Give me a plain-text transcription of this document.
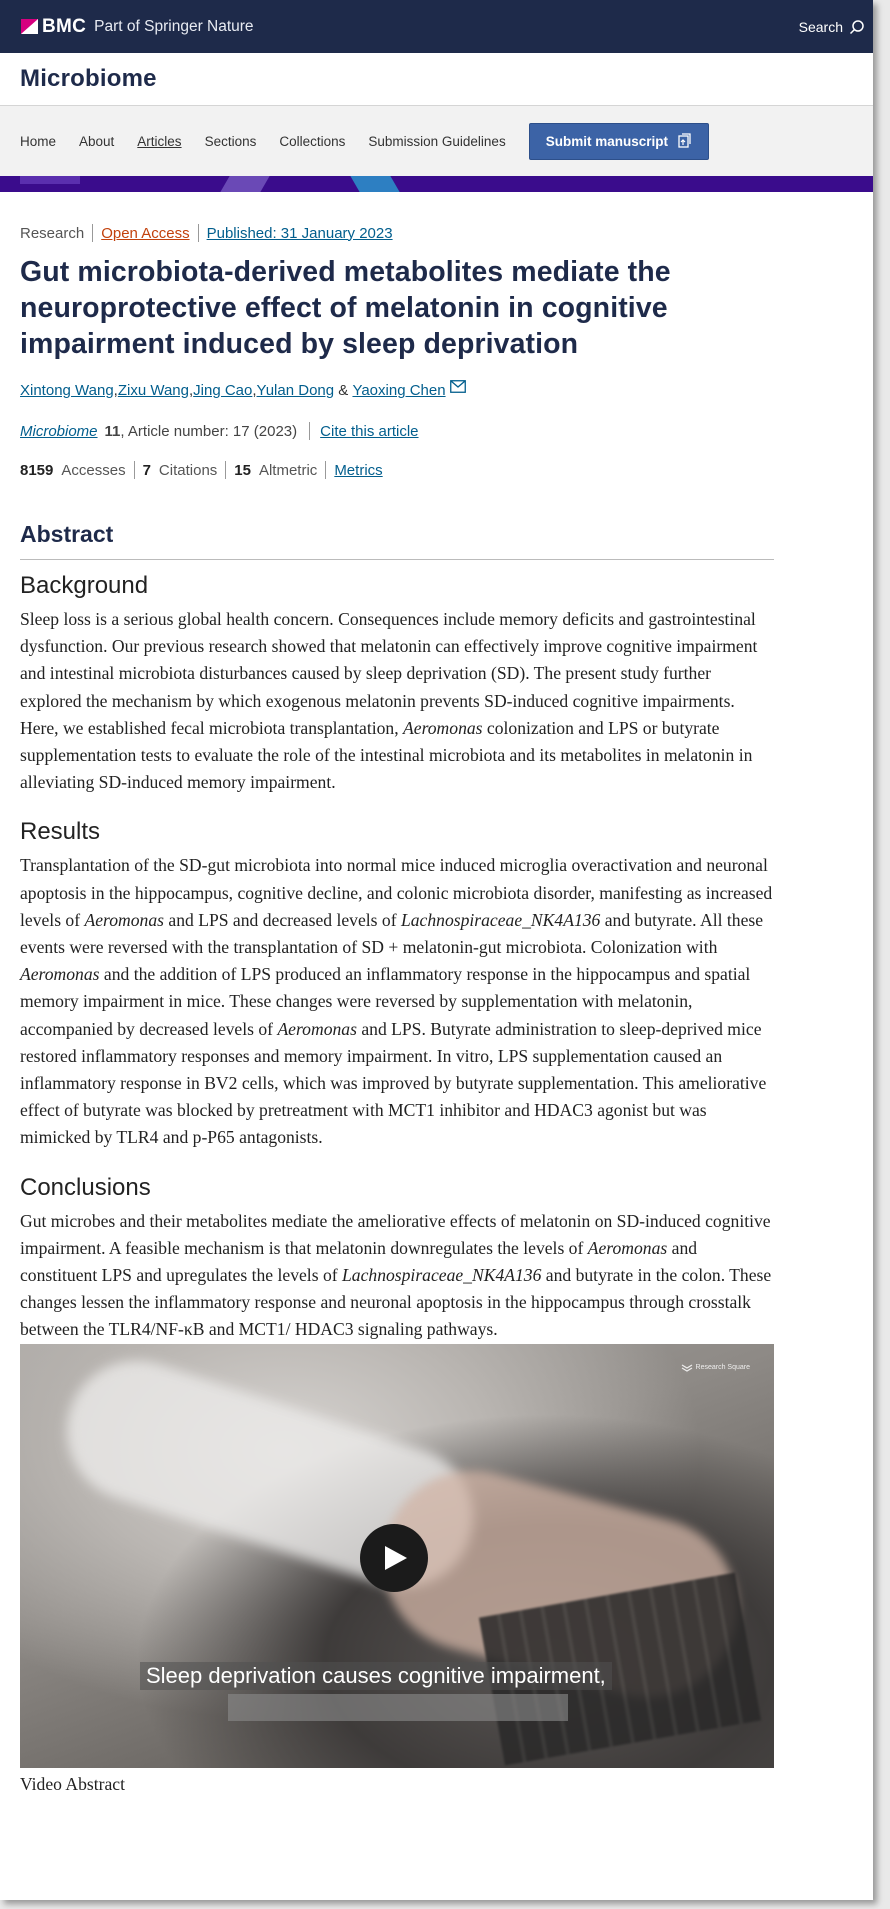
BMC Part of Springer Nature	Search
Microbiome
Home About Articles Sections Collections Submission Guidelines	Submit manuscript
Research Open Access Published: 31 January 2023
Gut microbiota-derived metabolites mediate the neuroprotective effect of melatonin in cognitive impairment induced by sleep deprivation
Xintong Wang , Zixu Wang , Jing Cao , Yulan Dong & Yaoxing Chen
Microbiome 11 , Article number: 17 (2023) Cite this article
8159 Accesses 7 Citations 15 Altmetric Metrics
Abstract
Background

Sleep loss is a serious global health concern. Consequences include memory deficits and gastrointestinal dysfunction. Our previous research showed that melatonin can effectively improve cognitive impairment and intestinal microbiota disturbances caused by sleep deprivation (SD). The present study further explored the mechanism by which exogenous melatonin prevents SD-induced cognitive impairments. Here, we established fecal microbiota transplantation, Aeromonas colonization and LPS or butyrate supplementation tests to evaluate the role of the intestinal microbiota and its metabolites in melatonin in alleviating SD-induced memory impairment.

Results

Transplantation of the SD-gut microbiota into normal mice induced microglia overactivation and neuronal apoptosis in the hippocampus, cognitive decline, and colonic microbiota disorder, manifesting as increased levels of Aeromonas and LPS and decreased levels of Lachnospiraceae_NK4A136 and butyrate. All these events were reversed with the transplantation of SD + melatonin-gut microbiota. Colonization with Aeromonas and the addition of LPS produced an inflammatory response in the hippocampus and spatial memory impairment in mice. These changes were reversed by supplementation with melatonin, accompanied by decreased levels of Aeromonas and LPS. Butyrate administration to sleep-deprived mice restored inflammatory responses and memory impairment. In vitro, LPS supplementation caused an inflammatory response in BV2 cells, which was improved by butyrate supplementation. This ameliorative effect of butyrate was blocked by pretreatment with MCT1 inhibitor and HDAC3 agonist but was mimicked by TLR4 and p-P65 antagonists.

Conclusions

Gut microbes and their metabolites mediate the ameliorative effects of melatonin on SD-induced cognitive impairment. A feasible mechanism is that melatonin downregulates the levels of Aeromonas and constituent LPS and upregulates the levels of Lachnospiraceae_NK4A136 and butyrate in the colon. These changes lessen the inflammatory response and neuronal apoptosis in the hippocampus through crosstalk between the TLR4/NF-κB and MCT1/ HDAC3 signaling pathways.

Research Square
Sleep deprivation causes cognitive impairment,
Video Abstract
